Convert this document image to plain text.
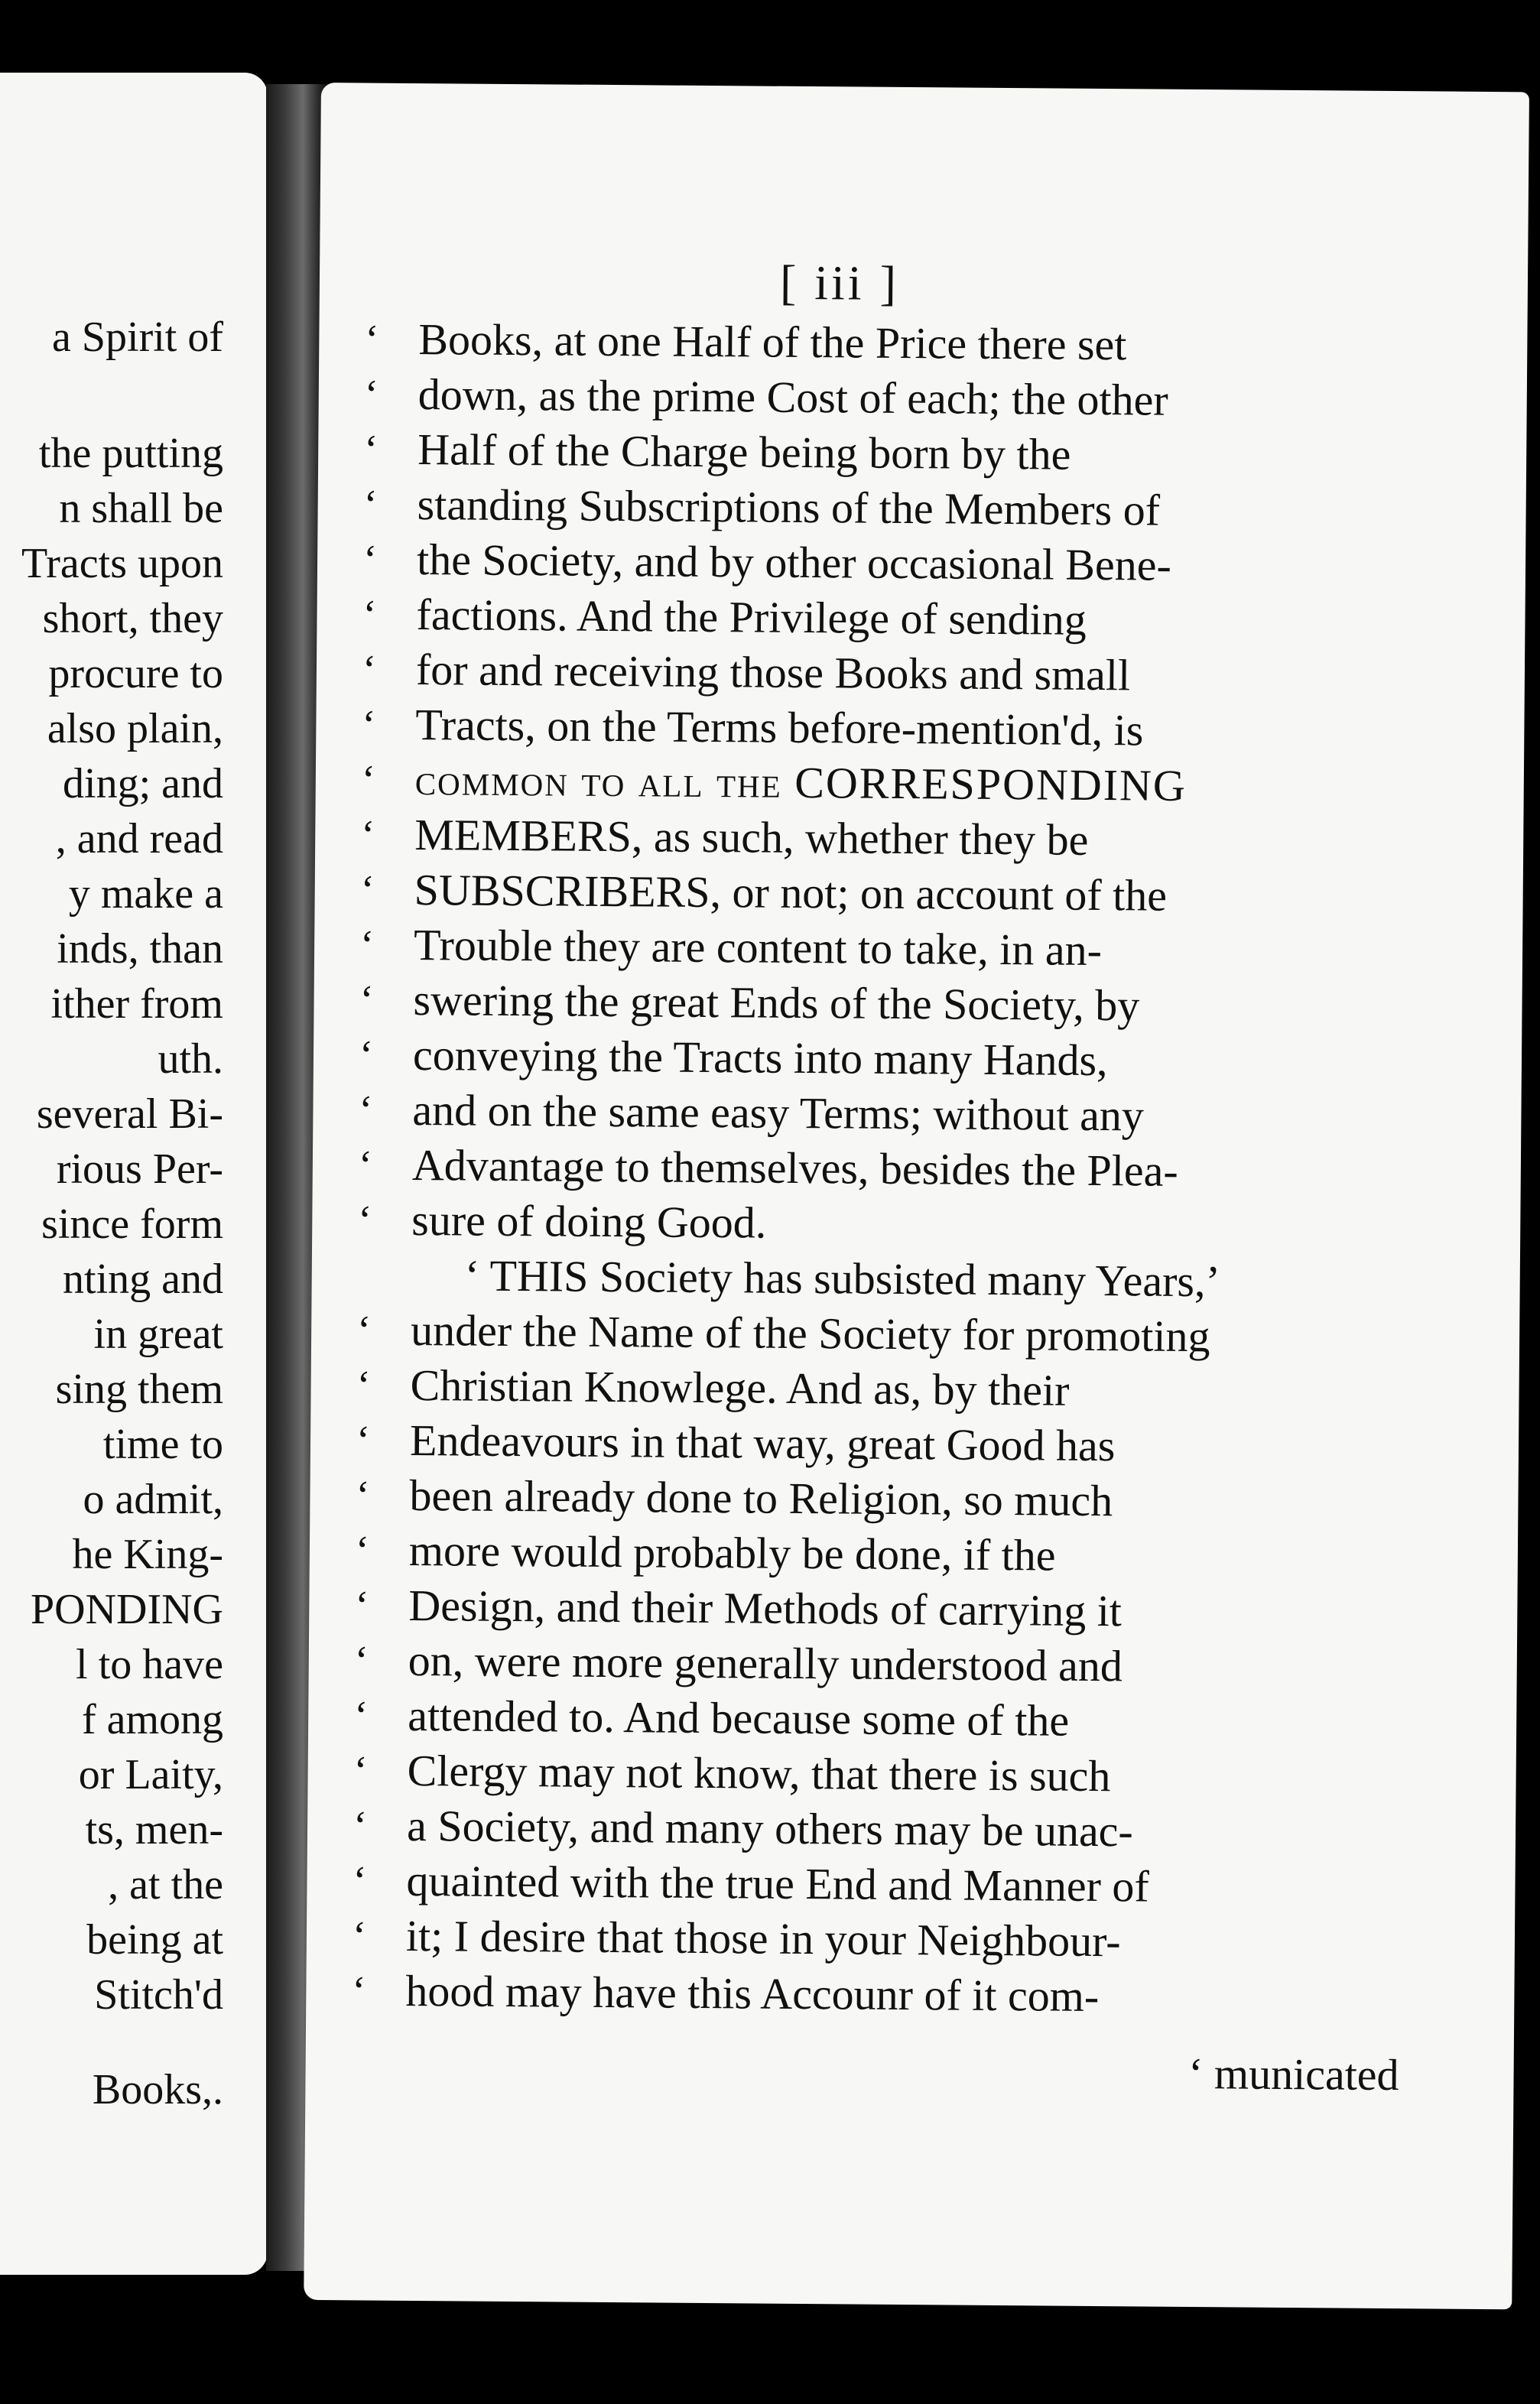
a Spirit of
the putting
n shall be
Tracts upon
short, they
procure to
also plain,
ding; and
, and read
y make a
inds, than
ither from
uth.
several Bi-
rious Per-
since form
nting and
in great
sing them
time to
o admit,
he King-
PONDING
l to have
f among
or Laity,
ts, men-
, at the
being at
Stitch'd
Books,.
[ iii ]
‘
‘
‘
‘
‘
‘
‘
‘
‘
‘
‘
‘
‘
‘
‘
‘
‘
‘
‘
‘
‘
‘
‘
‘
‘
‘
‘
‘
‘
‘
Books, at one Half of the Price there set
down, as the prime Cost of each; the other
Half of the Charge being born by the
standing Subscriptions of the Members of
the Society, and by other occasional Bene-
factions. And the Privilege of sending
for and receiving those Books and small
Tracts, on the Terms before-mention'd, is
common to all the CORRESPONDING
MEMBERS, as such, whether they be
SUBSCRIBERS, or not; on account of the
Trouble they are content to take, in an-
swering the great Ends of the Society, by
conveying the Tracts into many Hands,
and on the same easy Terms; without any
Advantage to themselves, besides the Plea-
sure of doing Good.
‘ THIS Society has subsisted many Years,’
under the Name of the Society for promoting
Christian Knowlege. And as, by their
Endeavours in that way, great Good has
been already done to Religion, so much
more would probably be done, if the
Design, and their Methods of carrying it
on, were more generally understood and
attended to. And because some of the
Clergy may not know, that there is such
a Society, and many others may be unac-
quainted with the true End and Manner of
it; I desire that those in your Neighbour-
hood may have this Accounr of it com-
‘ municated
